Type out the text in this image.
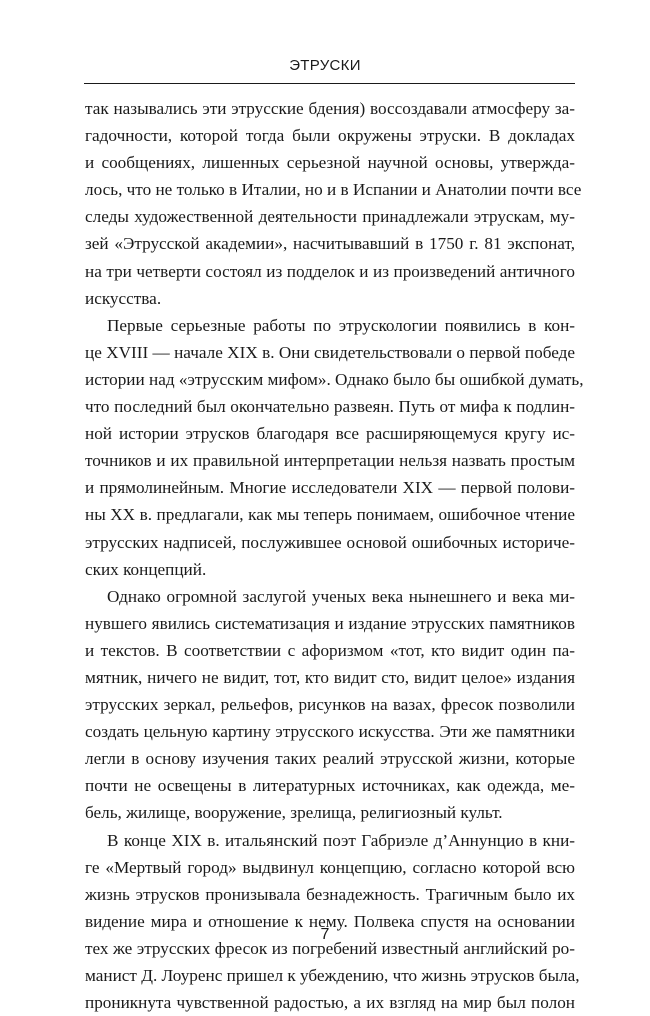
ЭТРУСКИ

так назывались эти этрусские бдения) воссоздавали атмосферу за-
гадочности, которой тогда были окружены этруски. В докладах
и сообщениях, лишенных серьезной научной основы, утвержда-
лось, что не только в Италии, но и в Испании и Анатолии почти все
следы художественной деятельности принадлежали этрускам, му-
зей «Этрусской академии», насчитывавший в 1750 г. 81 экспонат,
на три четверти состоял из подделок и из произведений античного
искусства.

Первые серьезные работы по этрускологии появились в кон-
це XVIII — начале XIX в. Они свидетельствовали о первой победе
истории над «этрусским мифом». Однако было бы ошибкой думать,
что последний был окончательно развеян. Путь от мифа к подлин-
ной истории этрусков благодаря все расширяющемуся кругу ис-
точников и их правильной интерпретации нельзя назвать простым
и прямолинейным. Многие исследователи XIX — первой полови-
ны XX в. предлагали, как мы теперь понимаем, ошибочное чтение
этрусских надписей, послужившее основой ошибочных историче-
ских концепций.

Однако огромной заслугой ученых века нынешнего и века ми-
нувшего явились систематизация и издание этрусских памятников
и текстов. В соответствии с афоризмом «тот, кто видит один па-
мятник, ничего не видит, тот, кто видит сто, видит целое» издания
этрусских зеркал, рельефов, рисунков на вазах, фресок позволили
создать цельную картину этрусского искусства. Эти же памятники
легли в основу изучения таких реалий этрусской жизни, которые
почти не освещены в литературных источниках, как одежда, ме-
бель, жилище, вооружение, зрелища, религиозный культ.

В конце XIX в. итальянский поэт Габриэле д’Аннунцио в кни-
ге «Мертвый город» выдвинул концепцию, согласно которой всю
жизнь этрусков пронизывала безнадежность. Трагичным было их
видение мира и отношение к нему. Полвека спустя на основании
тех же этрусских фресок из погребений известный английский ро-
манист Д. Лоуренс пришел к убеждению, что жизнь этрусков была,
проникнута чувственной радостью, а их взгляд на мир был полон

7
